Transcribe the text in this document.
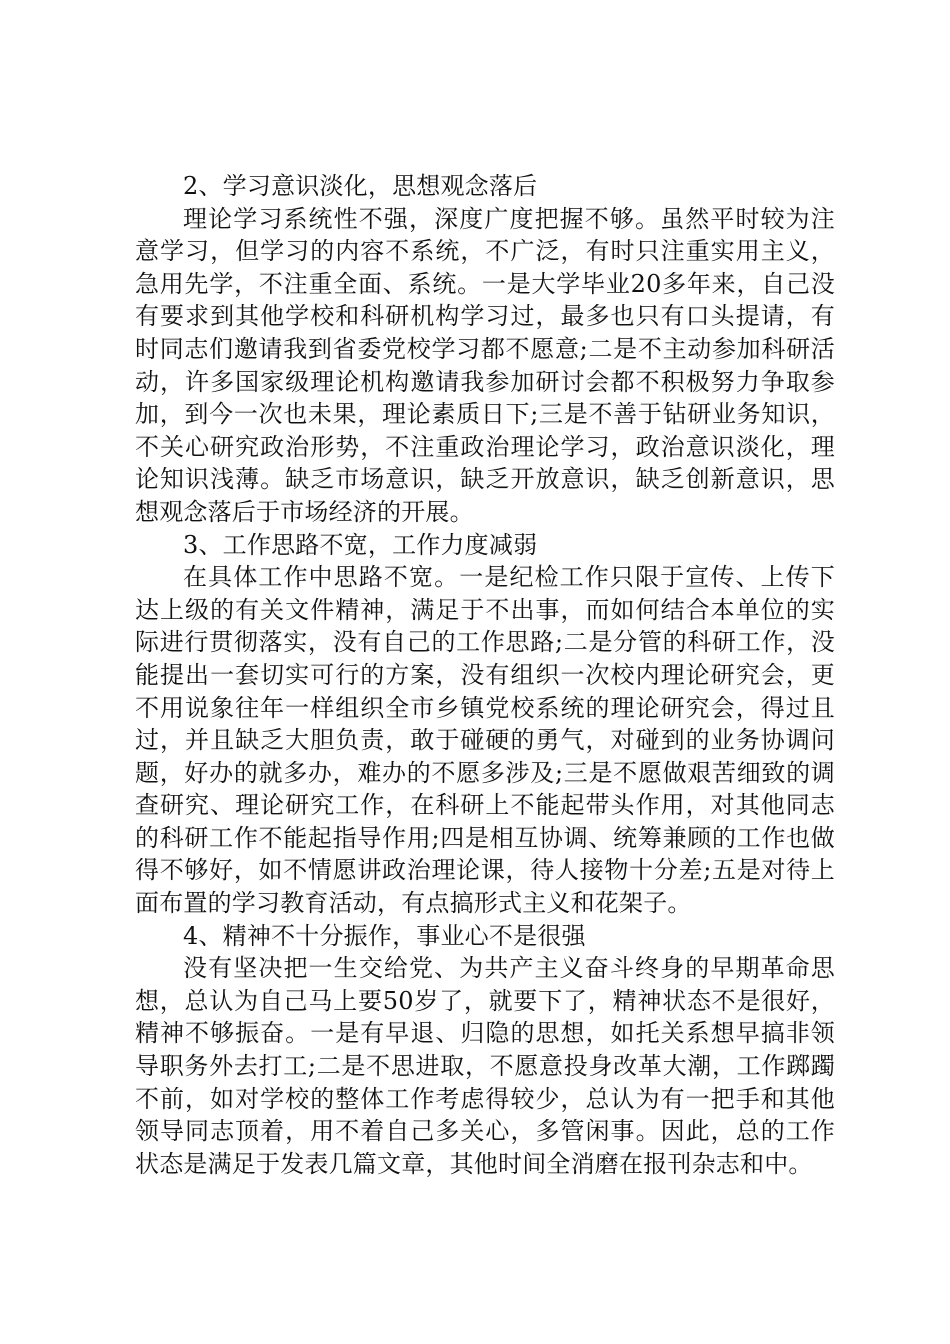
2、学习意识淡化，思想观念落后

理论学习系统性不强，深度广度把握不够。虽然平时较为注意学习，但学习的内容不系统，不广泛，有时只注重实用主义，急用先学，不注重全面、系统。一是大学毕业20多年来，自己没有要求到其他学校和科研机构学习过，最多也只有口头提请，有时同志们邀请我到省委党校学习都不愿意;二是不主动参加科研活动，许多国家级理论机构邀请我参加研讨会都不积极努力争取参加，到今一次也未果，理论素质日下;三是不善于钻研业务知识，不关心研究政治形势，不注重政治理论学习，政治意识淡化，理论知识浅薄。缺乏市场意识，缺乏开放意识，缺乏创新意识，思想观念落后于市场经济的开展。

3、工作思路不宽，工作力度减弱

在具体工作中思路不宽。一是纪检工作只限于宣传、上传下达上级的有关文件精神，满足于不出事，而如何结合本单位的实际进行贯彻落实，没有自己的工作思路;二是分管的科研工作，没能提出一套切实可行的方案，没有组织一次校内理论研究会，更不用说象往年一样组织全市乡镇党校系统的理论研究会，得过且过，并且缺乏大胆负责，敢于碰硬的勇气，对碰到的业务协调问题，好办的就多办，难办的不愿多涉及;三是不愿做艰苦细致的调查研究、理论研究工作，在科研上不能起带头作用，对其他同志的科研工作不能起指导作用;四是相互协调、统筹兼顾的工作也做得不够好，如不情愿讲政治理论课，待人接物十分差;五是对待上面布置的学习教育活动，有点搞形式主义和花架子。

4、精神不十分振作，事业心不是很强

没有坚决把一生交给党、为共产主义奋斗终身的早期革命思想，总认为自己马上要50岁了，就要下了，精神状态不是很好，精神不够振奋。一是有早退、归隐的思想，如托关系想早搞非领导职务外去打工;二是不思进取，不愿意投身改革大潮，工作踯躅不前，如对学校的整体工作考虑得较少，总认为有一把手和其他领导同志顶着，用不着自己多关心，多管闲事。因此，总的工作状态是满足于发表几篇文章，其他时间全消磨在报刊杂志和中。
